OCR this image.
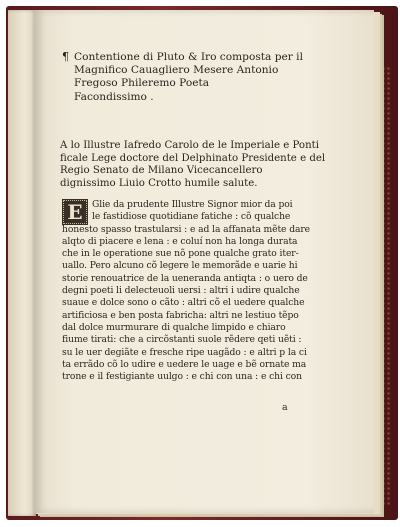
¶ Contentione di Pluto & Iro composta per il
Magnifico Cauagliero Mesere Antonio
Fregoso Phileremo Poeta
Facondissimo .
A lo Illustre Iafredo Carolo de le Imperiale e Ponti
ficale Lege doctore del Delphinato Presidente e del
Regio Senato de Milano Vicecancellero
dignissimo Liuio Crotto humile salute.
E	Glie da prudente Illustre Signor mior da poi
le fastidiose quotidiane fatiche : cõ qualche
honesto spasso trastularsi : e ad la affanata mẽte dare
alqto di piacere e lena : e coluí non ha longa durata
che in le operatione sue nõ pone qualche grato iter-
uallo. Pero alcuno cõ legere le memorãde e uarie hi
storie renouatrice de la ueneranda antiqta : o uero de
degni poeti li delecteuoli uersi : altri i udire qualche
suaue e dolce sono o cãto : altri cõ el uedere qualche
artificiosa e ben posta fabricha: altri ne lestiuo tẽpo
dal dolce murmurare di qualche limpido e chiaro
fiume tirati: che a circõstanti suole rẽdere qeti uẽti :
su le uer degiãte e fresche ripe uagãdo : e altri p la ci
ta errãdo cõ lo udire e uedere le uage e bẽ ornate ma
trone e il festigiante uulgo : e chi con una : e chi con
a
